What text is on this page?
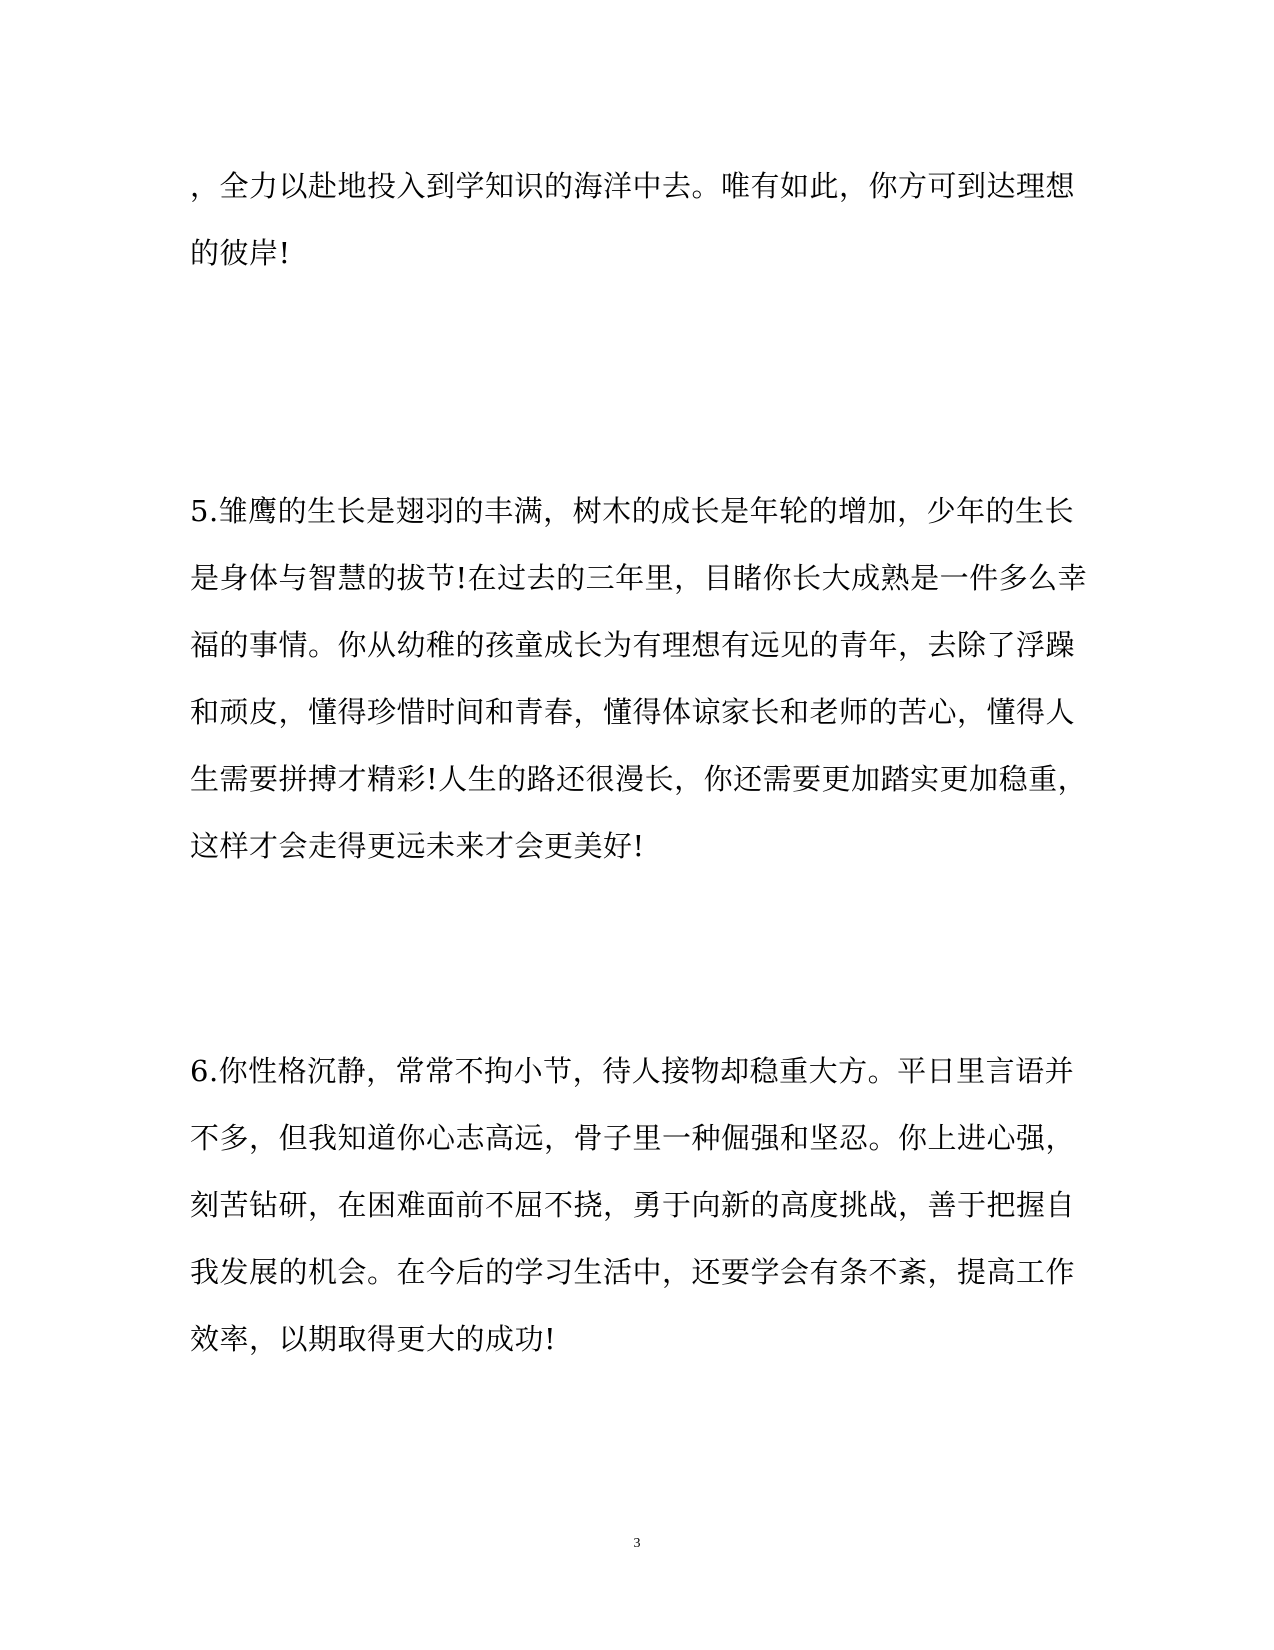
，全力以赴地投入到学知识的海洋中去。唯有如此，你方可到达理想
的彼岸!
5.雏鹰的生长是翅羽的丰满，树木的成长是年轮的增加，少年的生长
是身体与智慧的拔节!在过去的三年里，目睹你长大成熟是一件多么幸
福的事情。你从幼稚的孩童成长为有理想有远见的青年，去除了浮躁
和顽皮，懂得珍惜时间和青春，懂得体谅家长和老师的苦心，懂得人
生需要拼搏才精彩!人生的路还很漫长，你还需要更加踏实更加稳重，
这样才会走得更远未来才会更美好!
6.你性格沉静，常常不拘小节，待人接物却稳重大方。平日里言语并
不多，但我知道你心志高远，骨子里一种倔强和坚忍。你上进心强，
刻苦钻研，在困难面前不屈不挠，勇于向新的高度挑战，善于把握自
我发展的机会。在今后的学习生活中，还要学会有条不紊，提高工作
效率，以期取得更大的成功!
3
